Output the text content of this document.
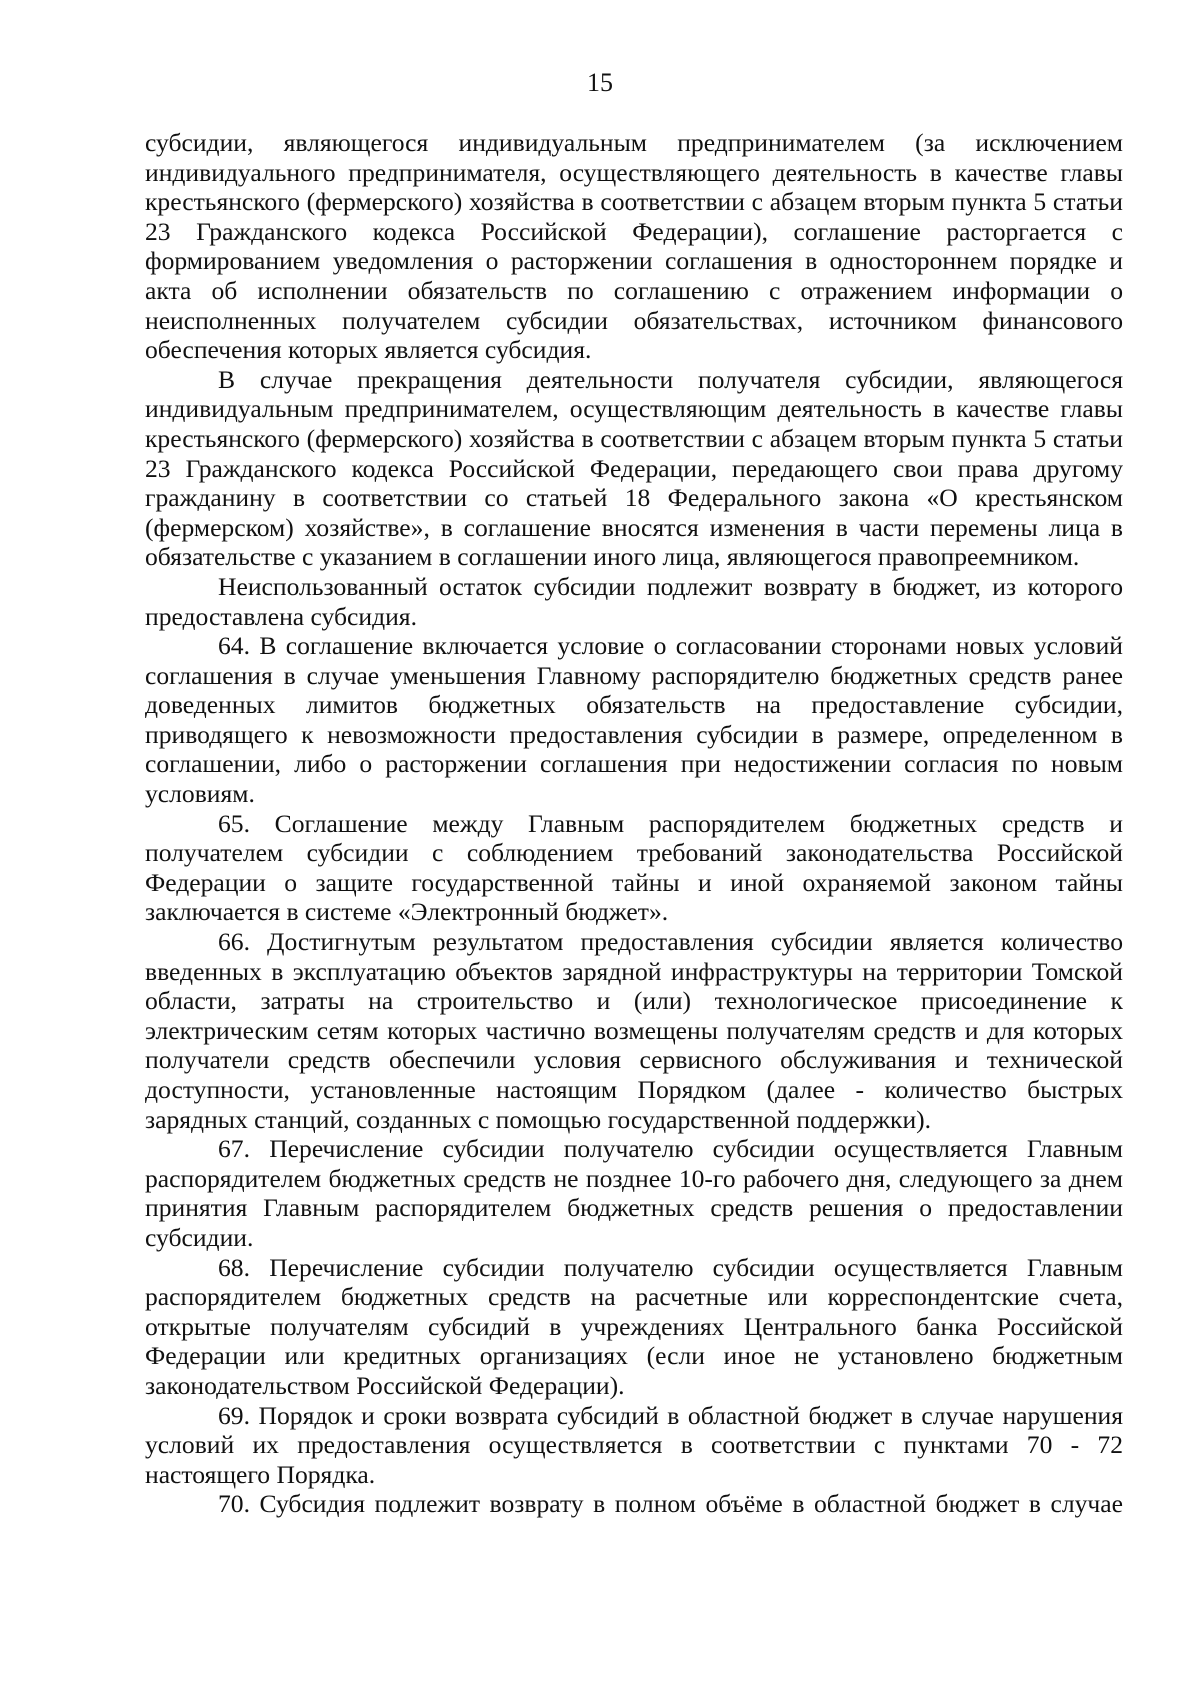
15

субсидии, являющегося индивидуальным предпринимателем (за исключением индивидуального предпринимателя, осуществляющего деятельность в качестве главы крестьянского (фермерского) хозяйства в соответствии с абзацем вторым пункта 5 статьи 23 Гражданского кодекса Российской Федерации), соглашение расторгается с формированием уведомления о расторжении соглашения в одностороннем порядке и акта об исполнении обязательств по соглашению с отражением информации о неисполненных получателем субсидии обязательствах, источником финансового обеспечения которых является субсидия.

В случае прекращения деятельности получателя субсидии, являющегося индивидуальным предпринимателем, осуществляющим деятельность в качестве главы крестьянского (фермерского) хозяйства в соответствии с абзацем вторым пункта 5 статьи 23 Гражданского кодекса Российской Федерации, передающего свои права другому гражданину в соответствии со статьей 18 Федерального закона «О крестьянском (фермерском) хозяйстве», в соглашение вносятся изменения в части перемены лица в обязательстве с указанием в соглашении иного лица, являющегося правопреемником.

Неиспользованный остаток субсидии подлежит возврату в бюджет, из которого предоставлена субсидия.

64. В соглашение включается условие о согласовании сторонами новых условий соглашения в случае уменьшения Главному распорядителю бюджетных средств ранее доведенных лимитов бюджетных обязательств на предоставление субсидии, приводящего к невозможности предоставления субсидии в размере, определенном в соглашении, либо о расторжении соглашения при недостижении согласия по новым условиям.

65. Соглашение между Главным распорядителем бюджетных средств и получателем субсидии с соблюдением требований законодательства Российской Федерации о защите государственной тайны и иной охраняемой законом тайны заключается в системе «Электронный бюджет».

66. Достигнутым результатом предоставления субсидии является количество введенных в эксплуатацию объектов зарядной инфраструктуры на территории Томской области, затраты на строительство и (или) технологическое присоединение к электрическим сетям которых частично возмещены получателям средств и для которых получатели средств обеспечили условия сервисного обслуживания и технической доступности, установленные настоящим Порядком (далее - количество быстрых зарядных станций, созданных с помощью государственной поддержки).

67. Перечисление субсидии получателю субсидии осуществляется Главным распорядителем бюджетных средств не позднее 10-го рабочего дня, следующего за днем принятия Главным распорядителем бюджетных средств решения о предоставлении субсидии.

68. Перечисление субсидии получателю субсидии осуществляется Главным распорядителем бюджетных средств на расчетные или корреспондентские счета, открытые получателям субсидий в учреждениях Центрального банка Российской Федерации или кредитных организациях (если иное не установлено бюджетным законодательством Российской Федерации).

69. Порядок и сроки возврата субсидий в областной бюджет в случае нарушения условий их предоставления осуществляется в соответствии с пунктами 70 - 72 настоящего Порядка.

70. Субсидия подлежит возврату в полном объёме в областной бюджет в случае
